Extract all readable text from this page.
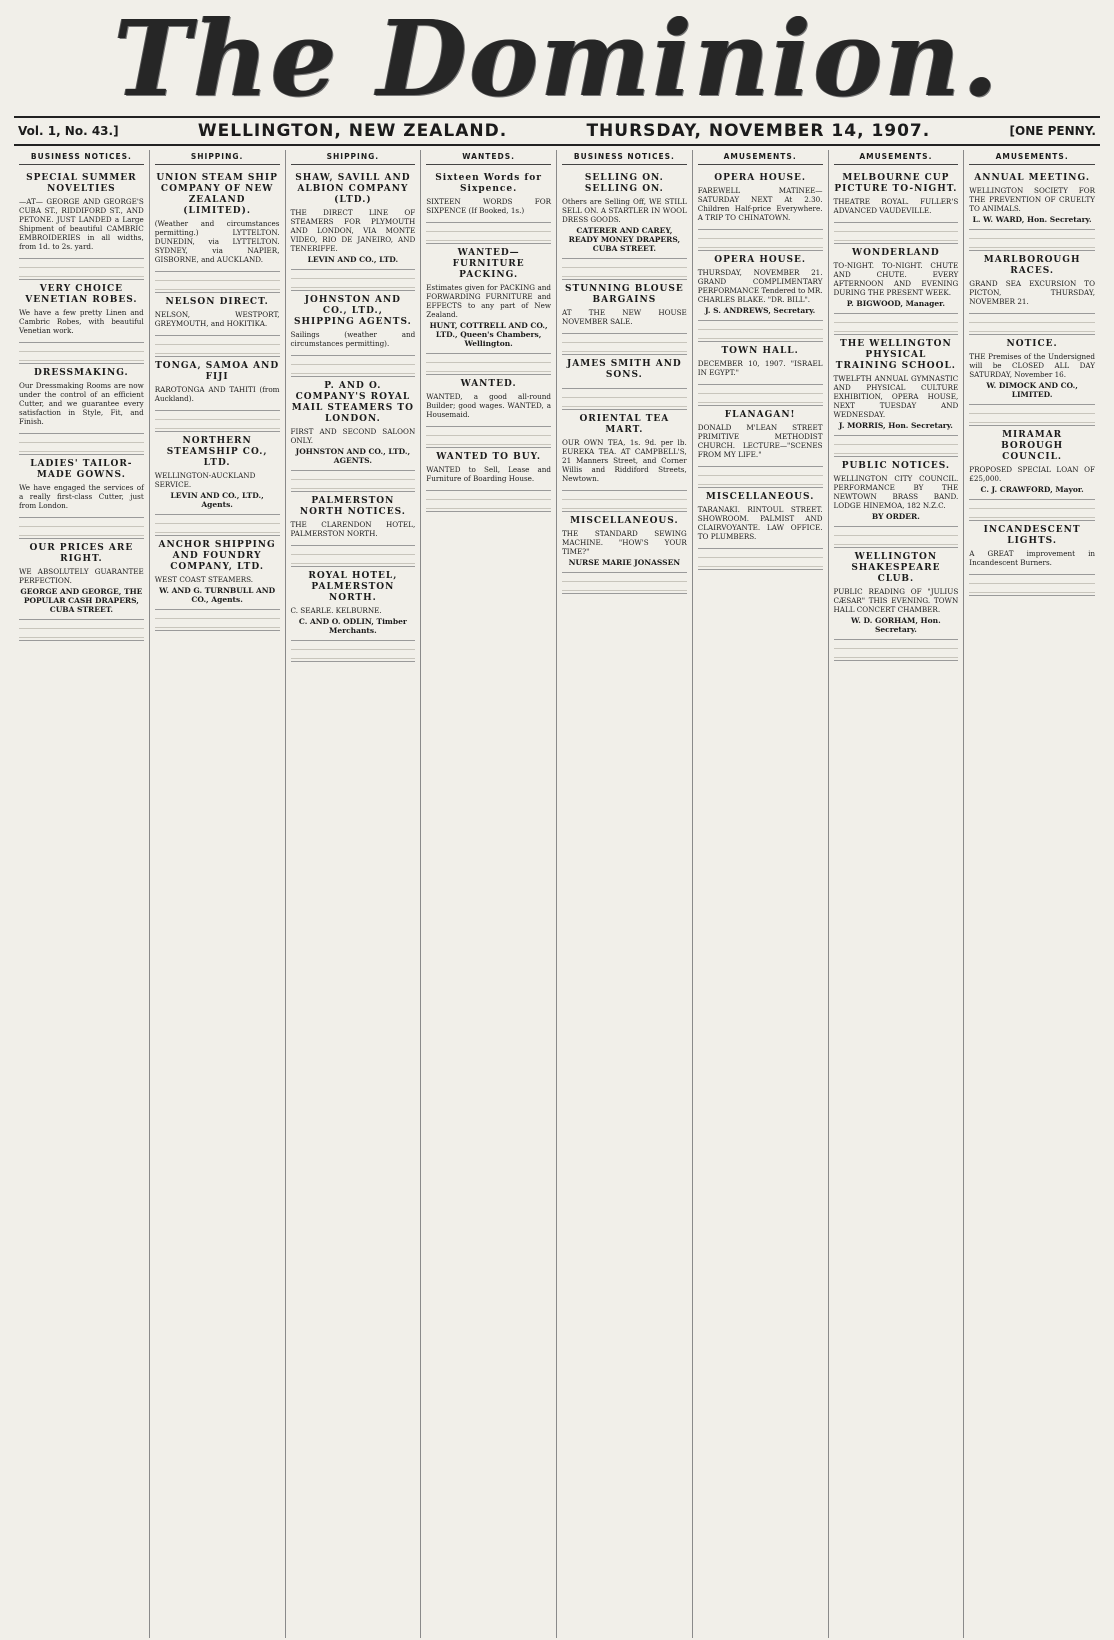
The Dominion.
Vol. 1, No. 43.]	WELLINGTON, NEW ZEALAND.	THURSDAY, NOVEMBER 14, 1907.	[ONE PENNY.
BUSINESS NOTICES.
SPECIAL SUMMER NOVELTIES
—AT— GEORGE AND GEORGE'S CUBA ST., RIDDIFORD ST., AND PETONE. JUST LANDED a Large Shipment of beautiful CAMBRIC EMBROIDERIES in all widths, from 1d. to 2s. yard.
VERY CHOICE VENETIAN ROBES.
We have a few pretty Linen and Cambric Robes, with beautiful Venetian work.
DRESSMAKING.
Our Dressmaking Rooms are now under the control of an efficient Cutter, and we guarantee every satisfaction in Style, Fit, and Finish.
LADIES' TAILOR-MADE GOWNS.
We have engaged the services of a really first-class Cutter, just from London.
OUR PRICES ARE RIGHT.
WE ABSOLUTELY GUARANTEE PERFECTION.
GEORGE AND GEORGE, THE POPULAR CASH DRAPERS, CUBA STREET.
SHIPPING.
UNION STEAM SHIP COMPANY OF NEW ZEALAND (LIMITED).
(Weather and circumstances permitting.) LYTTELTON. DUNEDIN, via LYTTELTON. SYDNEY, via NAPIER, GISBORNE, and AUCKLAND.
NELSON DIRECT.
NELSON, WESTPORT, GREYMOUTH, and HOKITIKA.
TONGA, SAMOA AND FIJI
RAROTONGA AND TAHITI (from Auckland).
NORTHERN STEAMSHIP CO., LTD.
WELLINGTON-AUCKLAND SERVICE.
LEVIN AND CO., LTD., Agents.
ANCHOR SHIPPING AND FOUNDRY COMPANY, LTD.
WEST COAST STEAMERS.
W. AND G. TURNBULL AND CO., Agents.
SHIPPING.
SHAW, SAVILL AND ALBION COMPANY (LTD.)
THE DIRECT LINE OF STEAMERS FOR PLYMOUTH AND LONDON, VIA MONTE VIDEO, RIO DE JANEIRO, AND TENERIFFE.
LEVIN AND CO., LTD.
JOHNSTON AND CO., LTD., SHIPPING AGENTS.
Sailings (weather and circumstances permitting).
P. AND O. COMPANY'S ROYAL MAIL STEAMERS TO LONDON.
FIRST AND SECOND SALOON ONLY.
JOHNSTON AND CO., LTD., AGENTS.
PALMERSTON NORTH NOTICES.
THE CLARENDON HOTEL, PALMERSTON NORTH.
ROYAL HOTEL, PALMERSTON NORTH.
C. SEARLE. KELBURNE.
C. AND O. ODLIN, Timber Merchants.
WANTEDS.
Sixteen Words for Sixpence.
SIXTEEN WORDS FOR SIXPENCE (If Booked, 1s.)
WANTED—FURNITURE PACKING.
Estimates given for PACKING and FORWARDING FURNITURE and EFFECTS to any part of New Zealand.
HUNT, COTTRELL AND CO., LTD., Queen's Chambers, Wellington.
WANTED.
WANTED, a good all-round Builder; good wages. WANTED, a Housemaid.
WANTED TO BUY.
WANTED to Sell, Lease and Furniture of Boarding House.
BUSINESS NOTICES.
SELLING ON. SELLING ON.
Others are Selling Off, WE STILL SELL ON. A STARTLER IN WOOL DRESS GOODS.
CATERER AND CAREY, READY MONEY DRAPERS, CUBA STREET.
STUNNING BLOUSE BARGAINS
AT THE NEW HOUSE NOVEMBER SALE.
JAMES SMITH AND SONS.
ORIENTAL TEA MART.
OUR OWN TEA, 1s. 9d. per lb. EUREKA TEA. AT CAMPBELL'S, 21 Manners Street, and Corner Willis and Riddiford Streets, Newtown.
MISCELLANEOUS.
THE STANDARD SEWING MACHINE. "HOW'S YOUR TIME?"
NURSE MARIE JONASSEN
AMUSEMENTS.
OPERA HOUSE.
FAREWELL MATINEE—SATURDAY NEXT At 2.30. Children Half-price Everywhere. A TRIP TO CHINATOWN.
OPERA HOUSE.
THURSDAY, NOVEMBER 21. GRAND COMPLIMENTARY PERFORMANCE Tendered to MR. CHARLES BLAKE. "DR. BILL".
J. S. ANDREWS, Secretary.
TOWN HALL.
DECEMBER 10, 1907. "ISRAEL IN EGYPT."
FLANAGAN!
DONALD M'LEAN STREET PRIMITIVE METHODIST CHURCH. LECTURE—"SCENES FROM MY LIFE."
MISCELLANEOUS.
TARANAKI. RINTOUL STREET. SHOWROOM. PALMIST AND CLAIRVOYANTE. LAW OFFICE. TO PLUMBERS.
AMUSEMENTS.
MELBOURNE CUP PICTURE TO-NIGHT.
THEATRE ROYAL. FULLER'S ADVANCED VAUDEVILLE.
WONDERLAND
TO-NIGHT. TO-NIGHT. CHUTE AND CHUTE. EVERY AFTERNOON AND EVENING DURING THE PRESENT WEEK.
P. BIGWOOD, Manager.
THE WELLINGTON PHYSICAL TRAINING SCHOOL.
TWELFTH ANNUAL GYMNASTIC AND PHYSICAL CULTURE EXHIBITION, OPERA HOUSE, NEXT TUESDAY AND WEDNESDAY.
J. MORRIS, Hon. Secretary.
PUBLIC NOTICES.
WELLINGTON CITY COUNCIL. PERFORMANCE BY THE NEWTOWN BRASS BAND. LODGE HINEMOA, 182 N.Z.C.
BY ORDER.
WELLINGTON SHAKESPEARE CLUB.
PUBLIC READING OF "JULIUS CÆSAR" THIS EVENING. TOWN HALL CONCERT CHAMBER.
W. D. GORHAM, Hon. Secretary.
AMUSEMENTS.
ANNUAL MEETING.
WELLINGTON SOCIETY FOR THE PREVENTION OF CRUELTY TO ANIMALS.
L. W. WARD, Hon. Secretary.
MARLBOROUGH RACES.
GRAND SEA EXCURSION TO PICTON, THURSDAY, NOVEMBER 21.
NOTICE.
THE Premises of the Undersigned will be CLOSED ALL DAY SATURDAY, November 16.
W. DIMOCK AND CO., LIMITED.
MIRAMAR BOROUGH COUNCIL.
PROPOSED SPECIAL LOAN OF £25,000.
C. J. CRAWFORD, Mayor.
INCANDESCENT LIGHTS.
A GREAT improvement in Incandescent Burners.
